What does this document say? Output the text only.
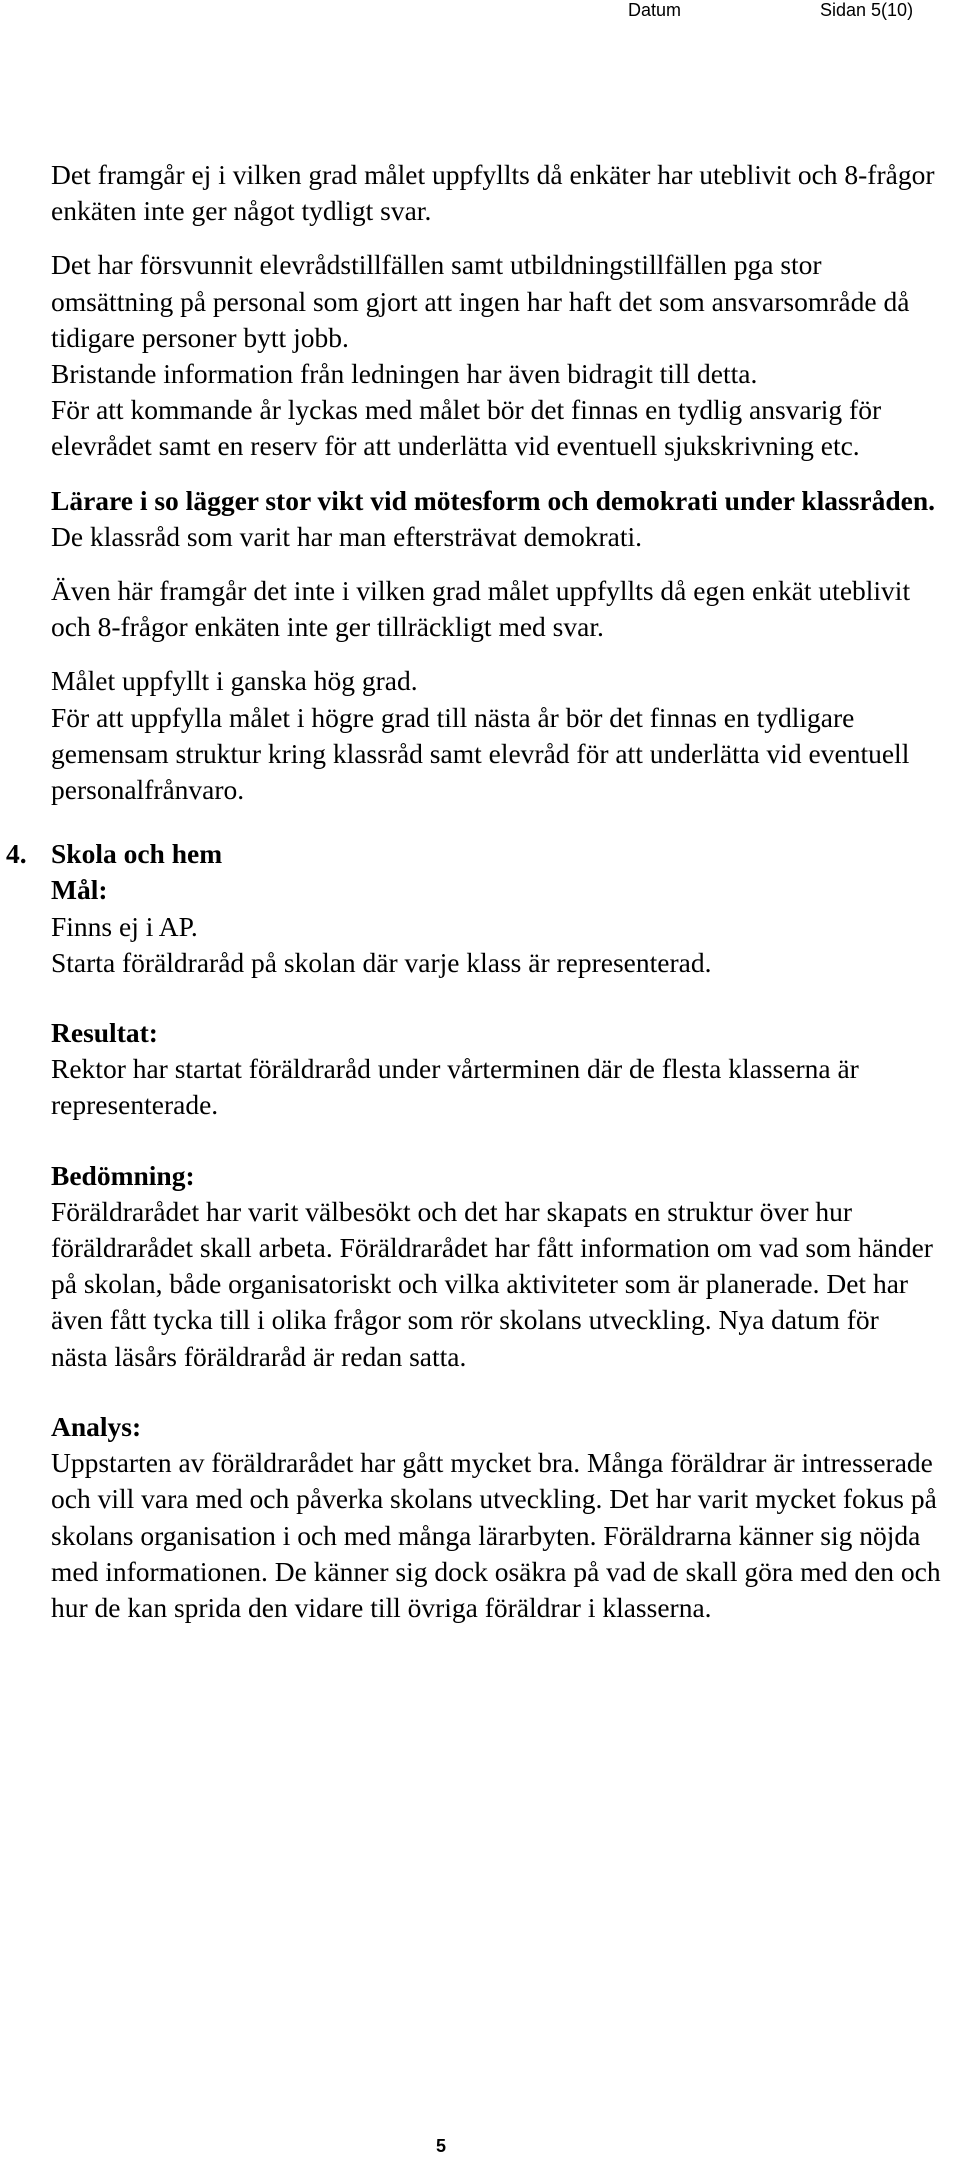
Datum	Sidan 5(10)

Det framgår ej i vilken grad målet uppfyllts då enkäter har uteblivit och 8-frågor enkäten inte ger något tydligt svar.

Det har försvunnit elevrådstillfällen samt utbildningstillfällen pga stor omsättning på personal som gjort att ingen har haft det som ansvarsområde då tidigare personer bytt jobb.

Bristande information från ledningen har även bidragit till detta.

För att kommande år lyckas med målet bör det finnas en tydlig ansvarig för elevrådet samt en reserv för att underlätta vid eventuell sjukskrivning etc.

Lärare i so lägger stor vikt vid mötesform och demokrati under klassråden.

De klassråd som varit har man eftersträvat demokrati.

Även här framgår det inte i vilken grad målet uppfyllts då egen enkät uteblivit och 8-frågor enkäten inte ger tillräckligt med svar.

Målet uppfyllt i ganska hög grad.

För att uppfylla målet i högre grad till nästa år bör det finnas en tydligare gemensam struktur kring klassråd samt elevråd för att underlätta vid eventuell personalfrånvaro.

4. Skola och hem

Mål:

Finns ej i AP.

Starta föräldraråd på skolan där varje klass är representerad.

Resultat:

Rektor har startat föräldraråd under vårterminen där de flesta klasserna är representerade.

Bedömning:

Föräldrarådet har varit välbesökt och det har skapats en struktur över hur föräldrarådet skall arbeta. Föräldrarådet har fått information om vad som händer på skolan, både organisatoriskt och vilka aktiviteter som är planerade. Det har även fått tycka till i olika frågor som rör skolans utveckling. Nya datum för nästa läsårs föräldraråd är redan satta.

Analys:

Uppstarten av föräldrarådet har gått mycket bra. Många föräldrar är intresserade och vill vara med och påverka skolans utveckling. Det har varit mycket fokus på skolans organisation i och med många lärarbyten. Föräldrarna känner sig nöjda med informationen. De känner sig dock osäkra på vad de skall göra med den och hur de kan sprida den vidare till övriga föräldrar i klasserna.

5
